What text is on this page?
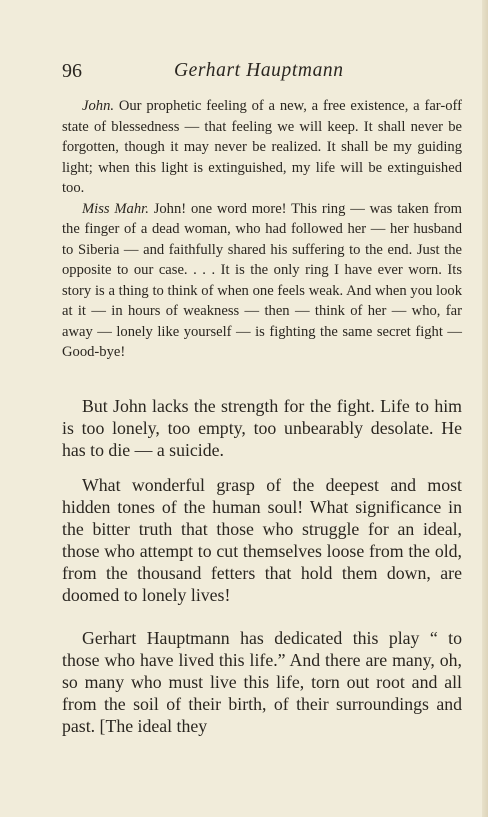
96	Gerhart Hauptmann

John. Our prophetic feeling of a new, a free existence, a far-off state of blessedness — that feeling we will keep. It shall never be forgotten, though it may never be realized. It shall be my guiding light; when this light is extinguished, my life will be extinguished too.

Miss Mahr. John! one word more! This ring — was taken from the finger of a dead woman, who had followed her — her husband to Siberia — and faithfully shared his suffering to the end. Just the opposite to our case. . . . It is the only ring I have ever worn. Its story is a thing to think of when one feels weak. And when you look at it — in hours of weakness — then — think of her — who, far away — lonely like yourself — is fighting the same secret fight — Good-bye!

But John lacks the strength for the fight. Life to him is too lonely, too empty, too unbearably desolate. He has to die — a suicide.

What wonderful grasp of the deepest and most hidden tones of the human soul! What significance in the bitter truth that those who struggle for an ideal, those who attempt to cut themselves loose from the old, from the thousand fetters that hold them down, are doomed to lonely lives!

Gerhart Hauptmann has dedicated this play “ to those who have lived this life.” And there are many, oh, so many who must live this life, torn out root and all from the soil of their birth, of their surroundings and past. [The ideal they
